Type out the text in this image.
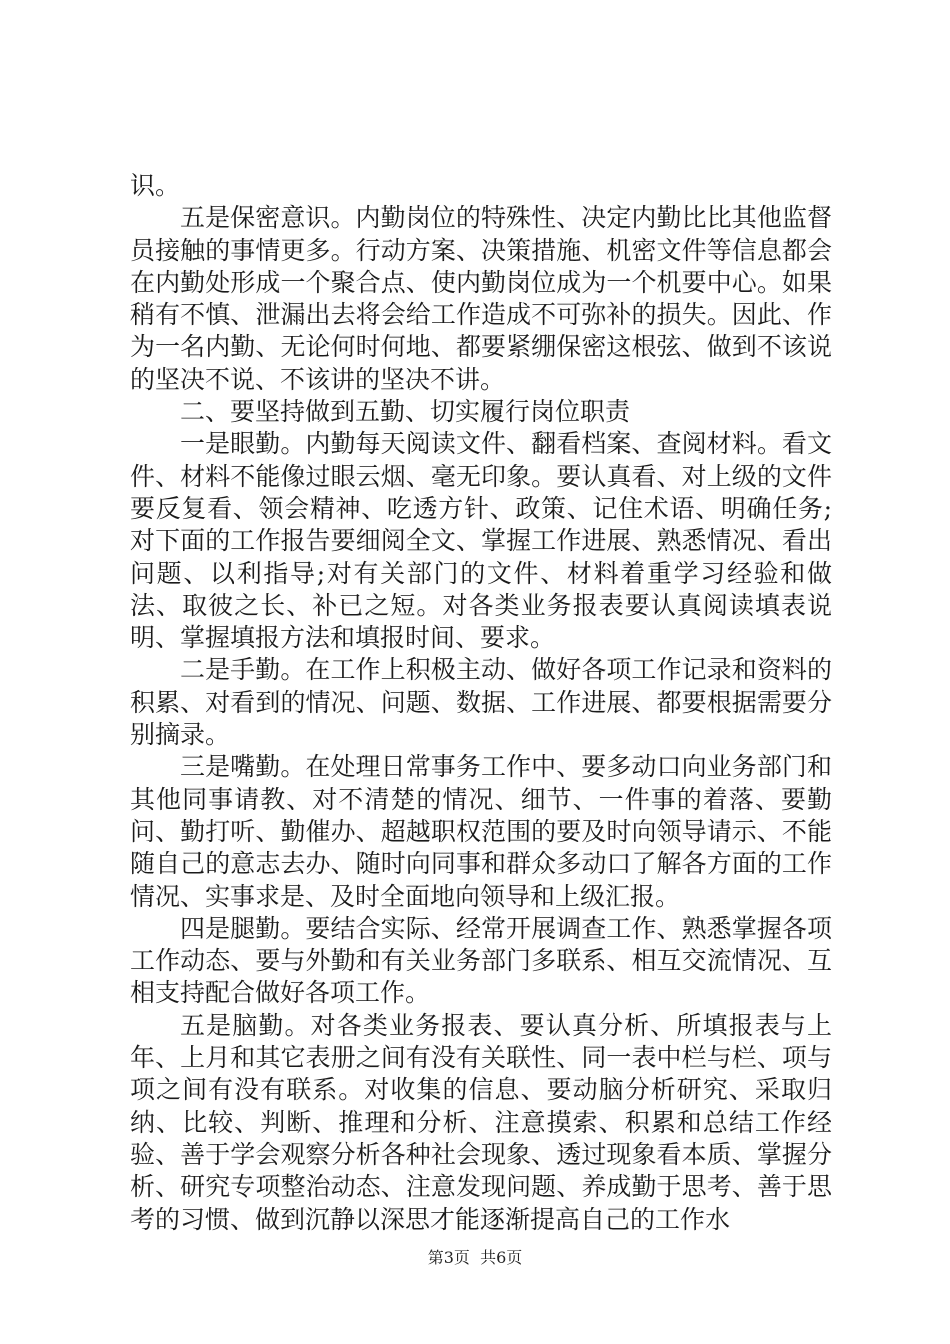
识。

五是保密意识。内勤岗位的特殊性、决定内勤比比其他监督员接触的事情更多。行动方案、决策措施、机密文件等信息都会在内勤处形成一个聚合点、使内勤岗位成为一个机要中心。如果稍有不慎、泄漏出去将会给工作造成不可弥补的损失。因此、作为一名内勤、无论何时何地、都要紧绷保密这根弦、做到不该说的坚决不说、不该讲的坚决不讲。

二、要坚持做到五勤、切实履行岗位职责

一是眼勤。内勤每天阅读文件、翻看档案、查阅材料。看文件、材料不能像过眼云烟、毫无印象。要认真看、对上级的文件要反复看、领会精神、吃透方针、政策、记住术语、明确任务;对下面的工作报告要细阅全文、掌握工作进展、熟悉情况、看出问题、以利指导;对有关部门的文件、材料着重学习经验和做法、取彼之长、补已之短。对各类业务报表要认真阅读填表说明、掌握填报方法和填报时间、要求。

二是手勤。在工作上积极主动、做好各项工作记录和资料的积累、对看到的情况、问题、数据、工作进展、都要根据需要分别摘录。

三是嘴勤。在处理日常事务工作中、要多动口向业务部门和其他同事请教、对不清楚的情况、细节、一件事的着落、要勤问、勤打听、勤催办、超越职权范围的要及时向领导请示、不能随自己的意志去办、随时向同事和群众多动口了解各方面的工作情况、实事求是、及时全面地向领导和上级汇报。

四是腿勤。要结合实际、经常开展调查工作、熟悉掌握各项工作动态、要与外勤和有关业务部门多联系、相互交流情况、互相支持配合做好各项工作。

五是脑勤。对各类业务报表、要认真分析、所填报表与上年、上月和其它表册之间有没有关联性、同一表中栏与栏、项与项之间有没有联系。对收集的信息、要动脑分析研究、采取归纳、比较、判断、推理和分析、注意摸索、积累和总结工作经验、善于学会观察分析各种社会现象、透过现象看本质、掌握分析、研究专项整治动态、注意发现问题、养成勤于思考、善于思考的习惯、做到沉静以深思才能逐渐提高自己的工作水

第3页 共6页
